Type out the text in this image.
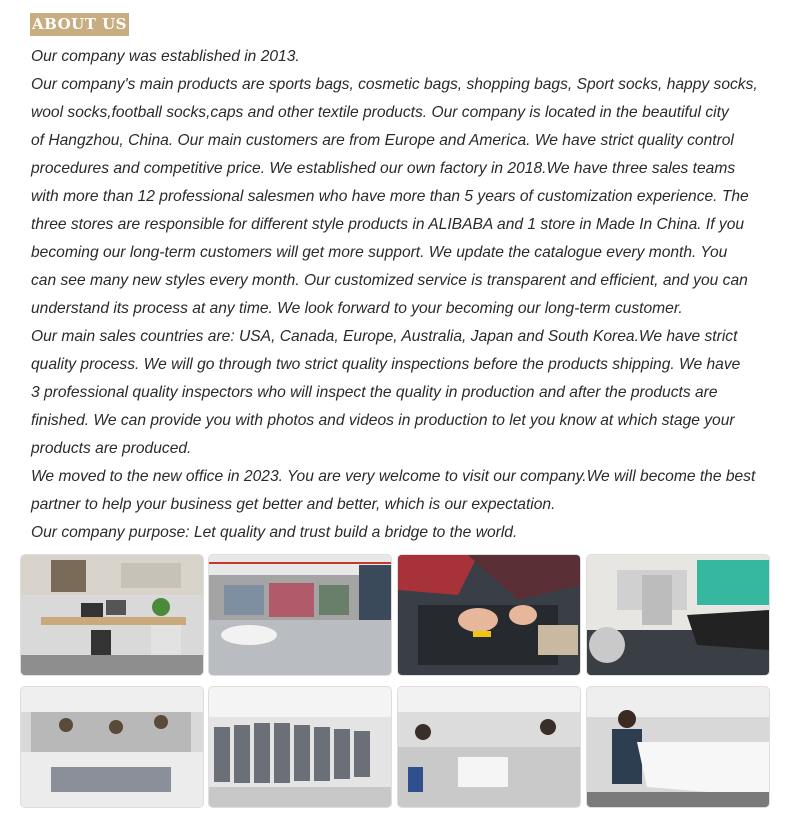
ABOUT US
Our company was established in 2013.
Our company's main products are sports bags, cosmetic bags, shopping bags, Sport socks, happy socks,
wool socks,football socks,caps and other textile products. Our company is located in the beautiful city
of Hangzhou, China. Our main customers are from Europe and America. We have strict quality control
procedures and competitive price. We established our own factory in 2018.We have three sales teams
with more than 12 professional salesmen who have more than 5 years of customization experience. The
three stores are responsible for different style products in ALIBABA and 1 store in Made In China. If you
becoming our long-term customers will get more support. We update the catalogue every month. You
can see many new styles every month. Our customized service is transparent and efficient, and you can
understand its process at any time. We look forward to your becoming our long-term customer.
Our main sales countries are: USA, Canada, Europe, Australia, Japan and South Korea.We have strict
quality process. We will go through two strict quality inspections before the products shipping. We have
3 professional quality inspectors who will inspect the quality in production and after the products are
finished. We can provide you with photos and videos in production to let you know at which stage your
products are produced.
We moved to the new office in 2023. You are very welcome to visit our company.We will become the best
partner to help your business get better and better, which is our expectation.
Our company purpose: Let quality and trust build a bridge to the world.
